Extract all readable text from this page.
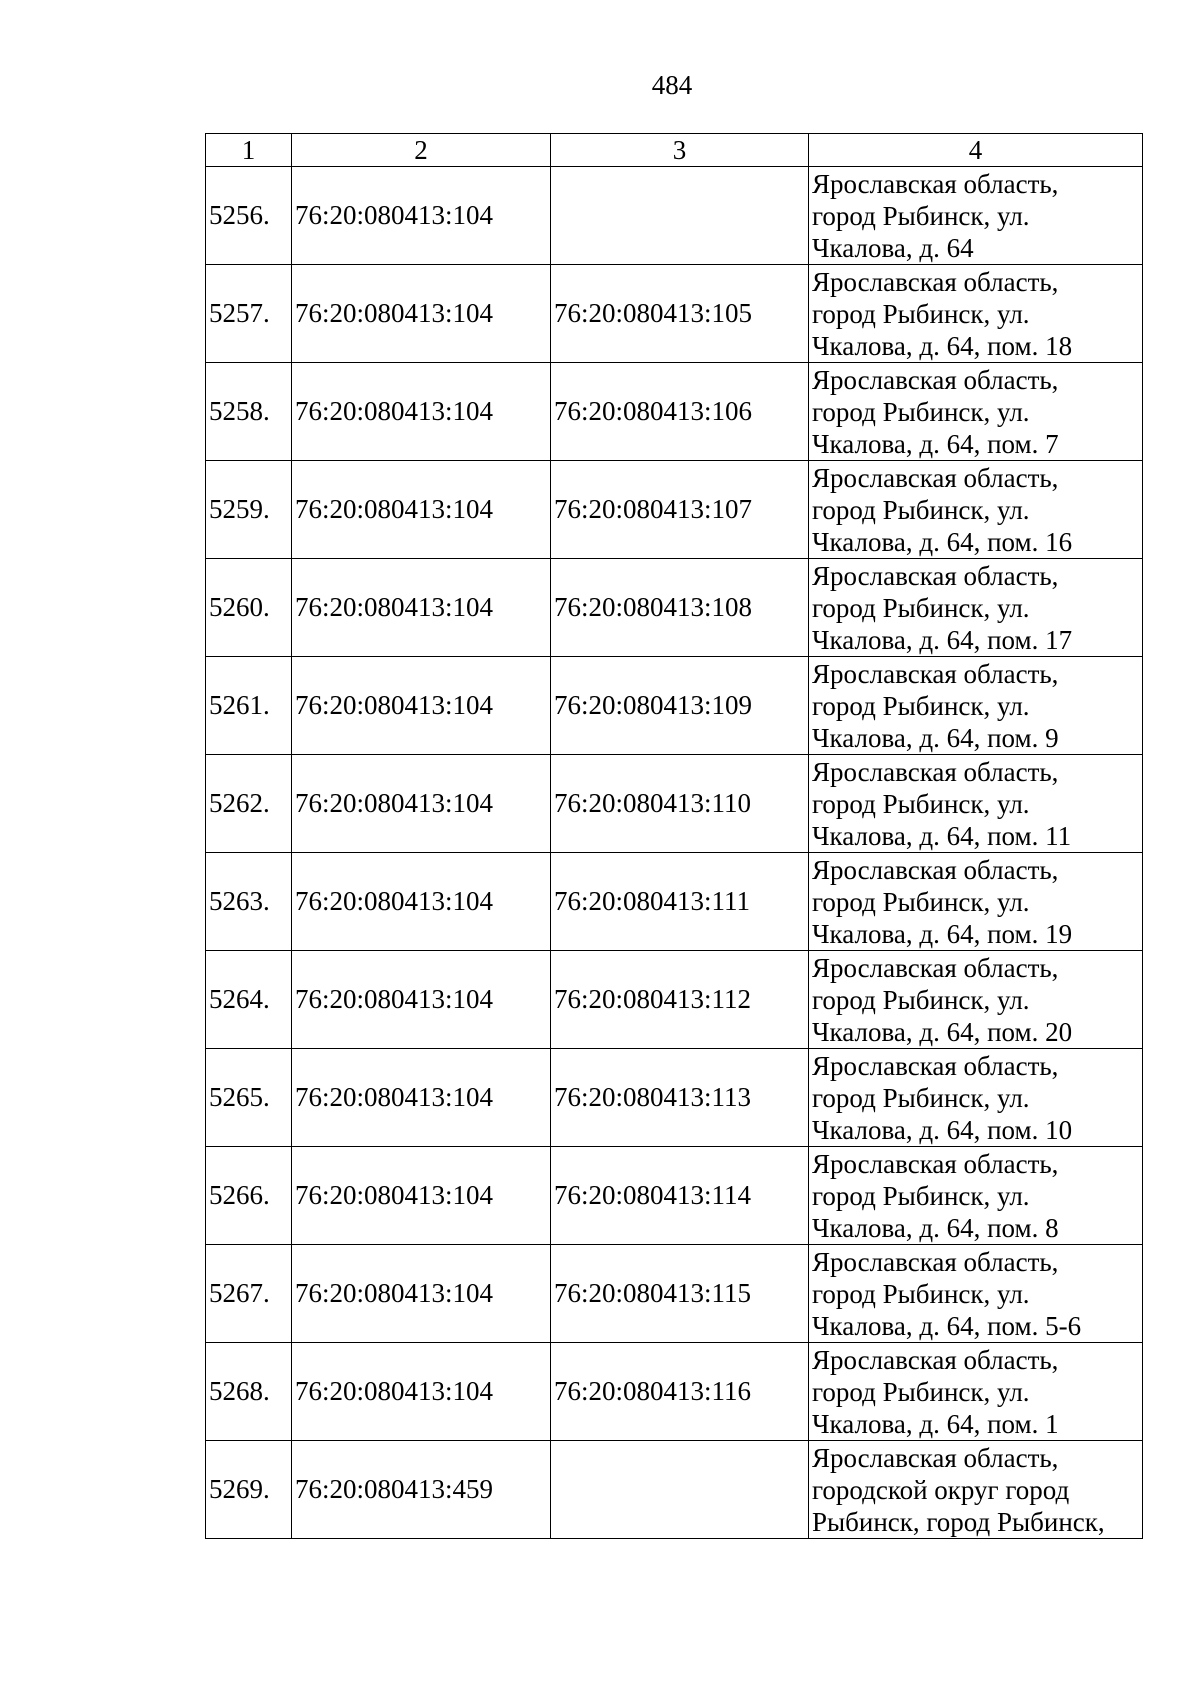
484
1	2	3	4
5256.	76:20:080413:104		Ярославская область,
город Рыбинск, ул.
Чкалова, д. 64

5257.	76:20:080413:104	76:20:080413:105	Ярославская область,
город Рыбинск, ул.
Чкалова, д. 64, пом. 18

5258.	76:20:080413:104	76:20:080413:106	Ярославская область,
город Рыбинск, ул.
Чкалова, д. 64, пом. 7

5259.	76:20:080413:104	76:20:080413:107	Ярославская область,
город Рыбинск, ул.
Чкалова, д. 64, пом. 16

5260.	76:20:080413:104	76:20:080413:108	Ярославская область,
город Рыбинск, ул.
Чкалова, д. 64, пом. 17

5261.	76:20:080413:104	76:20:080413:109	Ярославская область,
город Рыбинск, ул.
Чкалова, д. 64, пом. 9

5262.	76:20:080413:104	76:20:080413:110	Ярославская область,
город Рыбинск, ул.
Чкалова, д. 64, пом. 11

5263.	76:20:080413:104	76:20:080413:111	Ярославская область,
город Рыбинск, ул.
Чкалова, д. 64, пом. 19

5264.	76:20:080413:104	76:20:080413:112	Ярославская область,
город Рыбинск, ул.
Чкалова, д. 64, пом. 20

5265.	76:20:080413:104	76:20:080413:113	Ярославская область,
город Рыбинск, ул.
Чкалова, д. 64, пом. 10

5266.	76:20:080413:104	76:20:080413:114	Ярославская область,
город Рыбинск, ул.
Чкалова, д. 64, пом. 8

5267.	76:20:080413:104	76:20:080413:115	Ярославская область,
город Рыбинск, ул.
Чкалова, д. 64, пом. 5-6

5268.	76:20:080413:104	76:20:080413:116	Ярославская область,
город Рыбинск, ул.
Чкалова, д. 64, пом. 1

5269.	76:20:080413:459		Ярославская область,
городской округ город
Рыбинск, город Рыбинск,
